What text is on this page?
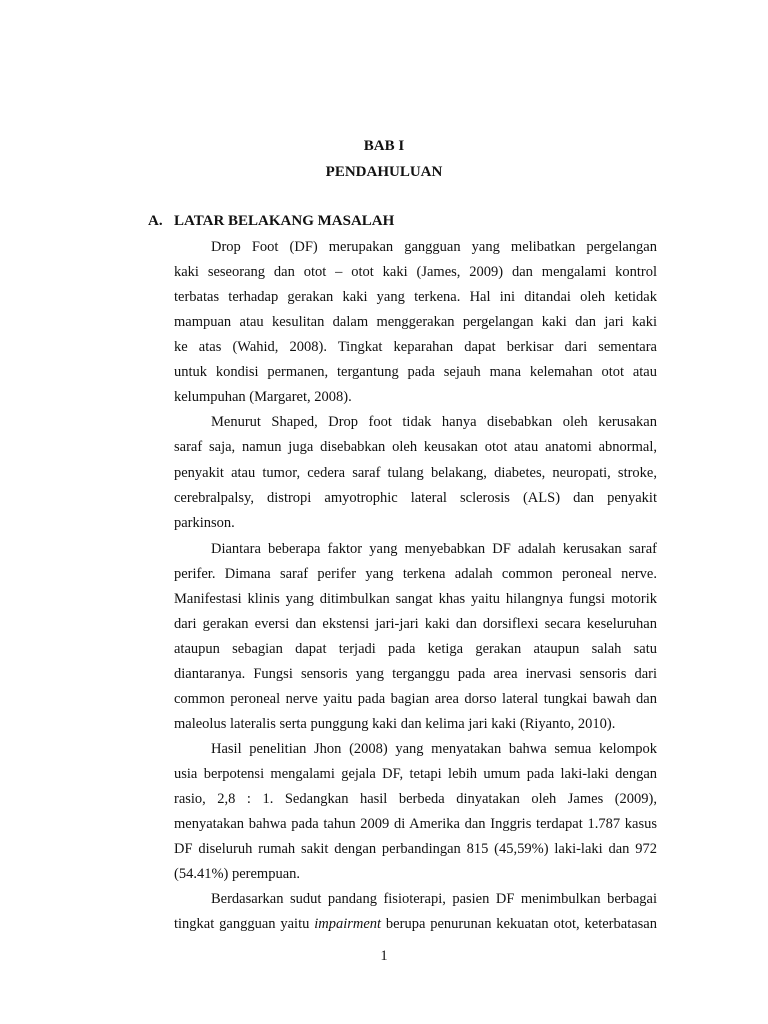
BAB I
PENDAHULUAN
A. LATAR BELAKANG MASALAH
Drop Foot (DF) merupakan gangguan yang melibatkan pergelangan
kaki seseorang dan otot – otot kaki (James, 2009) dan mengalami kontrol
terbatas terhadap gerakan kaki yang terkena. Hal ini ditandai oleh ketidak
mampuan atau kesulitan dalam menggerakan pergelangan kaki dan jari kaki
ke atas (Wahid, 2008). Tingkat keparahan dapat berkisar dari sementara
untuk kondisi permanen, tergantung pada sejauh mana kelemahan otot atau
kelumpuhan (Margaret, 2008).
Menurut Shaped, Drop foot tidak hanya disebabkan oleh kerusakan
saraf saja, namun juga disebabkan oleh keusakan otot atau anatomi abnormal,
penyakit atau tumor, cedera saraf tulang belakang, diabetes, neuropati, stroke,
cerebralpalsy, distropi amyotrophic lateral sclerosis (ALS) dan penyakit
parkinson.
Diantara beberapa faktor yang menyebabkan DF adalah kerusakan saraf
perifer. Dimana saraf perifer yang terkena adalah common peroneal nerve.
Manifestasi klinis yang ditimbulkan sangat khas yaitu hilangnya fungsi motorik
dari gerakan eversi dan ekstensi jari-jari kaki dan dorsiflexi secara keseluruhan
ataupun sebagian dapat terjadi pada ketiga gerakan ataupun salah satu
diantaranya. Fungsi sensoris yang terganggu pada area inervasi sensoris dari
common peroneal nerve yaitu pada bagian area dorso lateral tungkai bawah dan
maleolus lateralis serta punggung kaki dan kelima jari kaki (Riyanto, 2010).
Hasil penelitian Jhon (2008) yang menyatakan bahwa semua kelompok
usia berpotensi mengalami gejala DF, tetapi lebih umum pada laki-laki dengan
rasio, 2,8 : 1. Sedangkan hasil berbeda dinyatakan oleh James (2009),
menyatakan bahwa pada tahun 2009 di Amerika dan Inggris terdapat 1.787 kasus
DF diseluruh rumah sakit dengan perbandingan 815 (45,59%) laki-laki dan 972
(54.41%) perempuan.
Berdasarkan sudut pandang fisioterapi, pasien DF menimbulkan berbagai
tingkat gangguan yaitu impairment berupa penurunan kekuatan otot, keterbatasan
1
